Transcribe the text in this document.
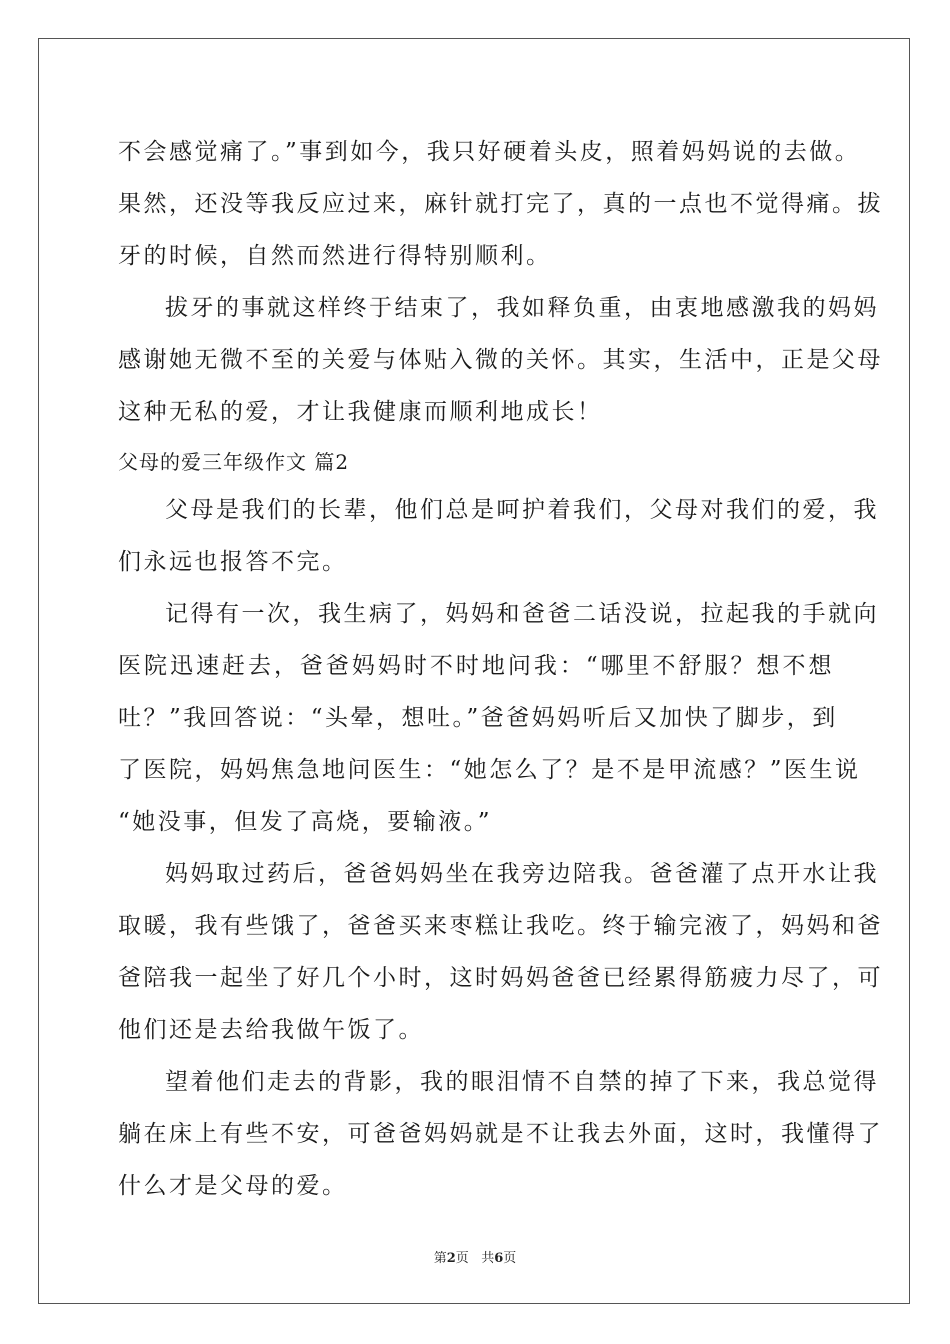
不会感觉痛了。”事到如今，我只好硬着头皮，照着妈妈说的去做。
果然，还没等我反应过来，麻针就打完了，真的一点也不觉得痛。拔
牙的时候，自然而然进行得特别顺利。
拔牙的事就这样终于结束了，我如释负重，由衷地感激我的妈妈
感谢她无微不至的关爱与体贴入微的关怀。其实，生活中，正是父母
这种无私的爱，才让我健康而顺利地成长！
父母的爱三年级作文 篇2
父母是我们的长辈，他们总是呵护着我们，父母对我们的爱，我
们永远也报答不完。
记得有一次，我生病了，妈妈和爸爸二话没说，拉起我的手就向
医院迅速赶去，爸爸妈妈时不时地问我：“哪里不舒服？想不想
吐？”我回答说：“头晕，想吐。”爸爸妈妈听后又加快了脚步，到
了医院，妈妈焦急地问医生：“她怎么了？是不是甲流感？”医生说
“她没事，但发了高烧，要输液。”
妈妈取过药后，爸爸妈妈坐在我旁边陪我。爸爸灌了点开水让我
取暖，我有些饿了，爸爸买来枣糕让我吃。终于输完液了，妈妈和爸
爸陪我一起坐了好几个小时，这时妈妈爸爸已经累得筋疲力尽了，可
他们还是去给我做午饭了。
望着他们走去的背影，我的眼泪情不自禁的掉了下来，我总觉得
躺在床上有些不安，可爸爸妈妈就是不让我去外面，这时，我懂得了
什么才是父母的爱。
第2页 共6页
